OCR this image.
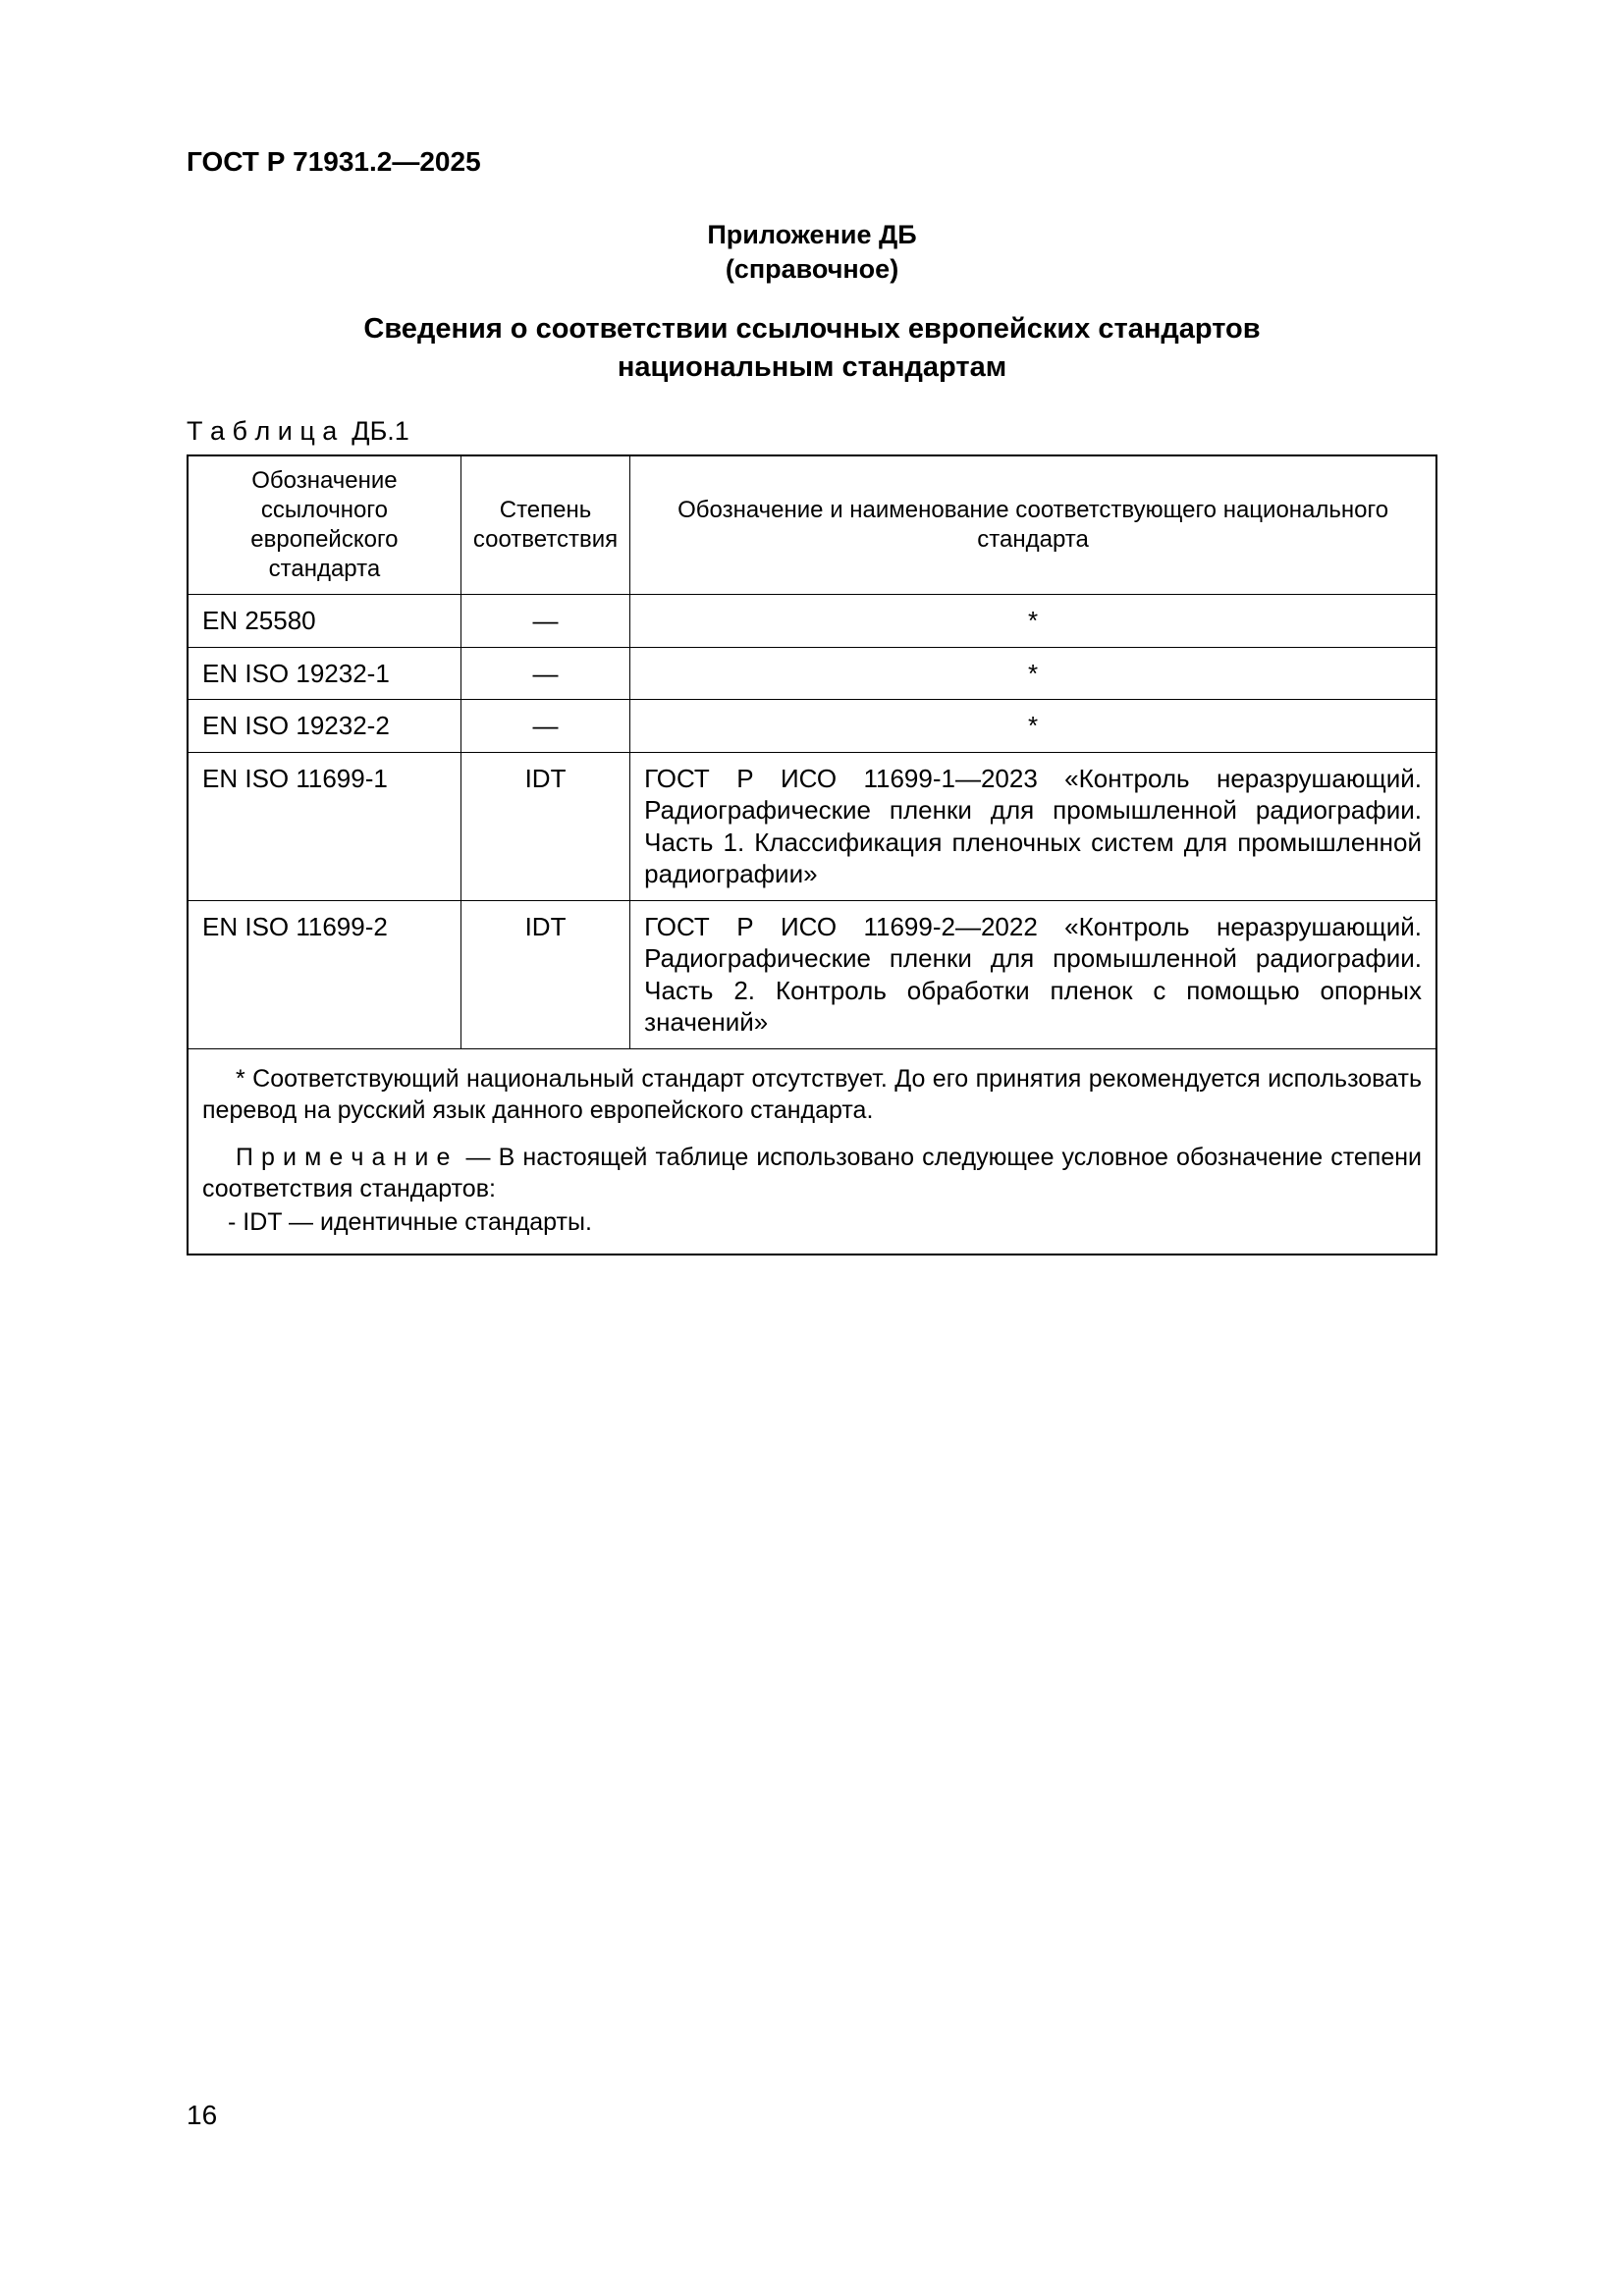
ГОСТ Р 71931.2—2025
Приложение ДБ
(справочное)
Сведения о соответствии ссылочных европейских стандартов
национальным стандартам
Т а б л и ц а  ДБ.1
Обозначение ссылочного европейского стандарта	Степень соответствия	Обозначение и наименование соответствующего национального стандарта
EN 25580	—	*
EN ISO 19232-1	—	*
EN ISO 19232-2	—	*
EN ISO 11699-1	IDT	ГОСТ Р ИСО 11699-1—2023 «Контроль неразрушающий. Радиографические пленки для промышленной радиографии. Часть 1. Классификация пленочных систем для промышленной радиографии»
EN ISO 11699-2	IDT	ГОСТ Р ИСО 11699-2—2022 «Контроль неразрушающий. Радиографические пленки для промышленной радиографии. Часть 2. Контроль обработки пленок с помощью опорных значений»

* Соответствующий национальный стандарт отсутствует. До его принятия рекомендуется использовать перевод на русский язык данного европейского стандарта.

П р и м е ч а н и е  — В настоящей таблице использовано следующее условное обозначение степени соответствия стандартов:

- IDT — идентичные стандарты.		

16
